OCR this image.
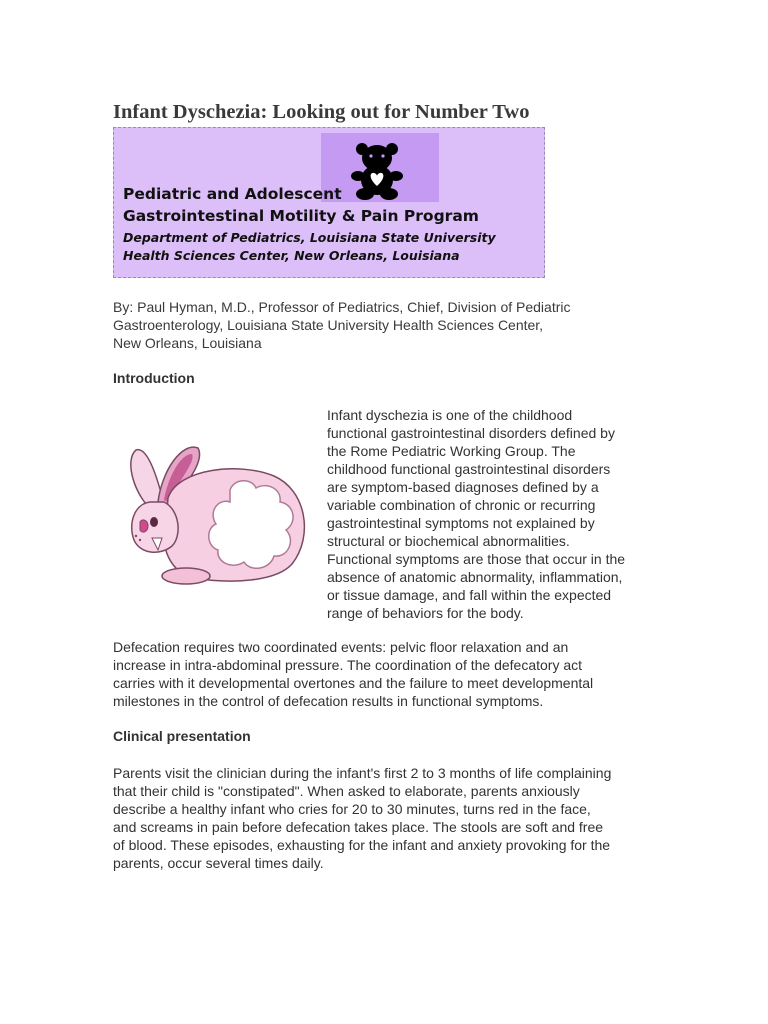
Infant Dyschezia: Looking out for Number Two
Pediatric and Adolescent
Gastrointestinal Motility & Pain Program
Department of Pediatrics, Louisiana State University
Health Sciences Center, New Orleans, Louisiana
By: Paul Hyman, M.D., Professor of Pediatrics, Chief, Division of Pediatric
Gastroenterology, Louisiana State University Health Sciences Center,
New Orleans, Louisiana
Introduction
Infant dyschezia is one of the childhood
functional gastrointestinal disorders defined by
the Rome Pediatric Working Group. The
childhood functional gastrointestinal disorders
are symptom-based diagnoses defined by a
variable combination of chronic or recurring
gastrointestinal symptoms not explained by
structural or biochemical abnormalities.
Functional symptoms are those that occur in the
absence of anatomic abnormality, inflammation,
or tissue damage, and fall within the expected
range of behaviors for the body.
Defecation requires two coordinated events: pelvic floor relaxation and an
increase in intra-abdominal pressure. The coordination of the defecatory act
carries with it developmental overtones and the failure to meet developmental
milestones in the control of defecation results in functional symptoms.
Clinical presentation
Parents visit the clinician during the infant's first 2 to 3 months of life complaining
that their child is "constipated". When asked to elaborate, parents anxiously
describe a healthy infant who cries for 20 to 30 minutes, turns red in the face,
and screams in pain before defecation takes place. The stools are soft and free
of blood. These episodes, exhausting for the infant and anxiety provoking for the
parents, occur several times daily.
